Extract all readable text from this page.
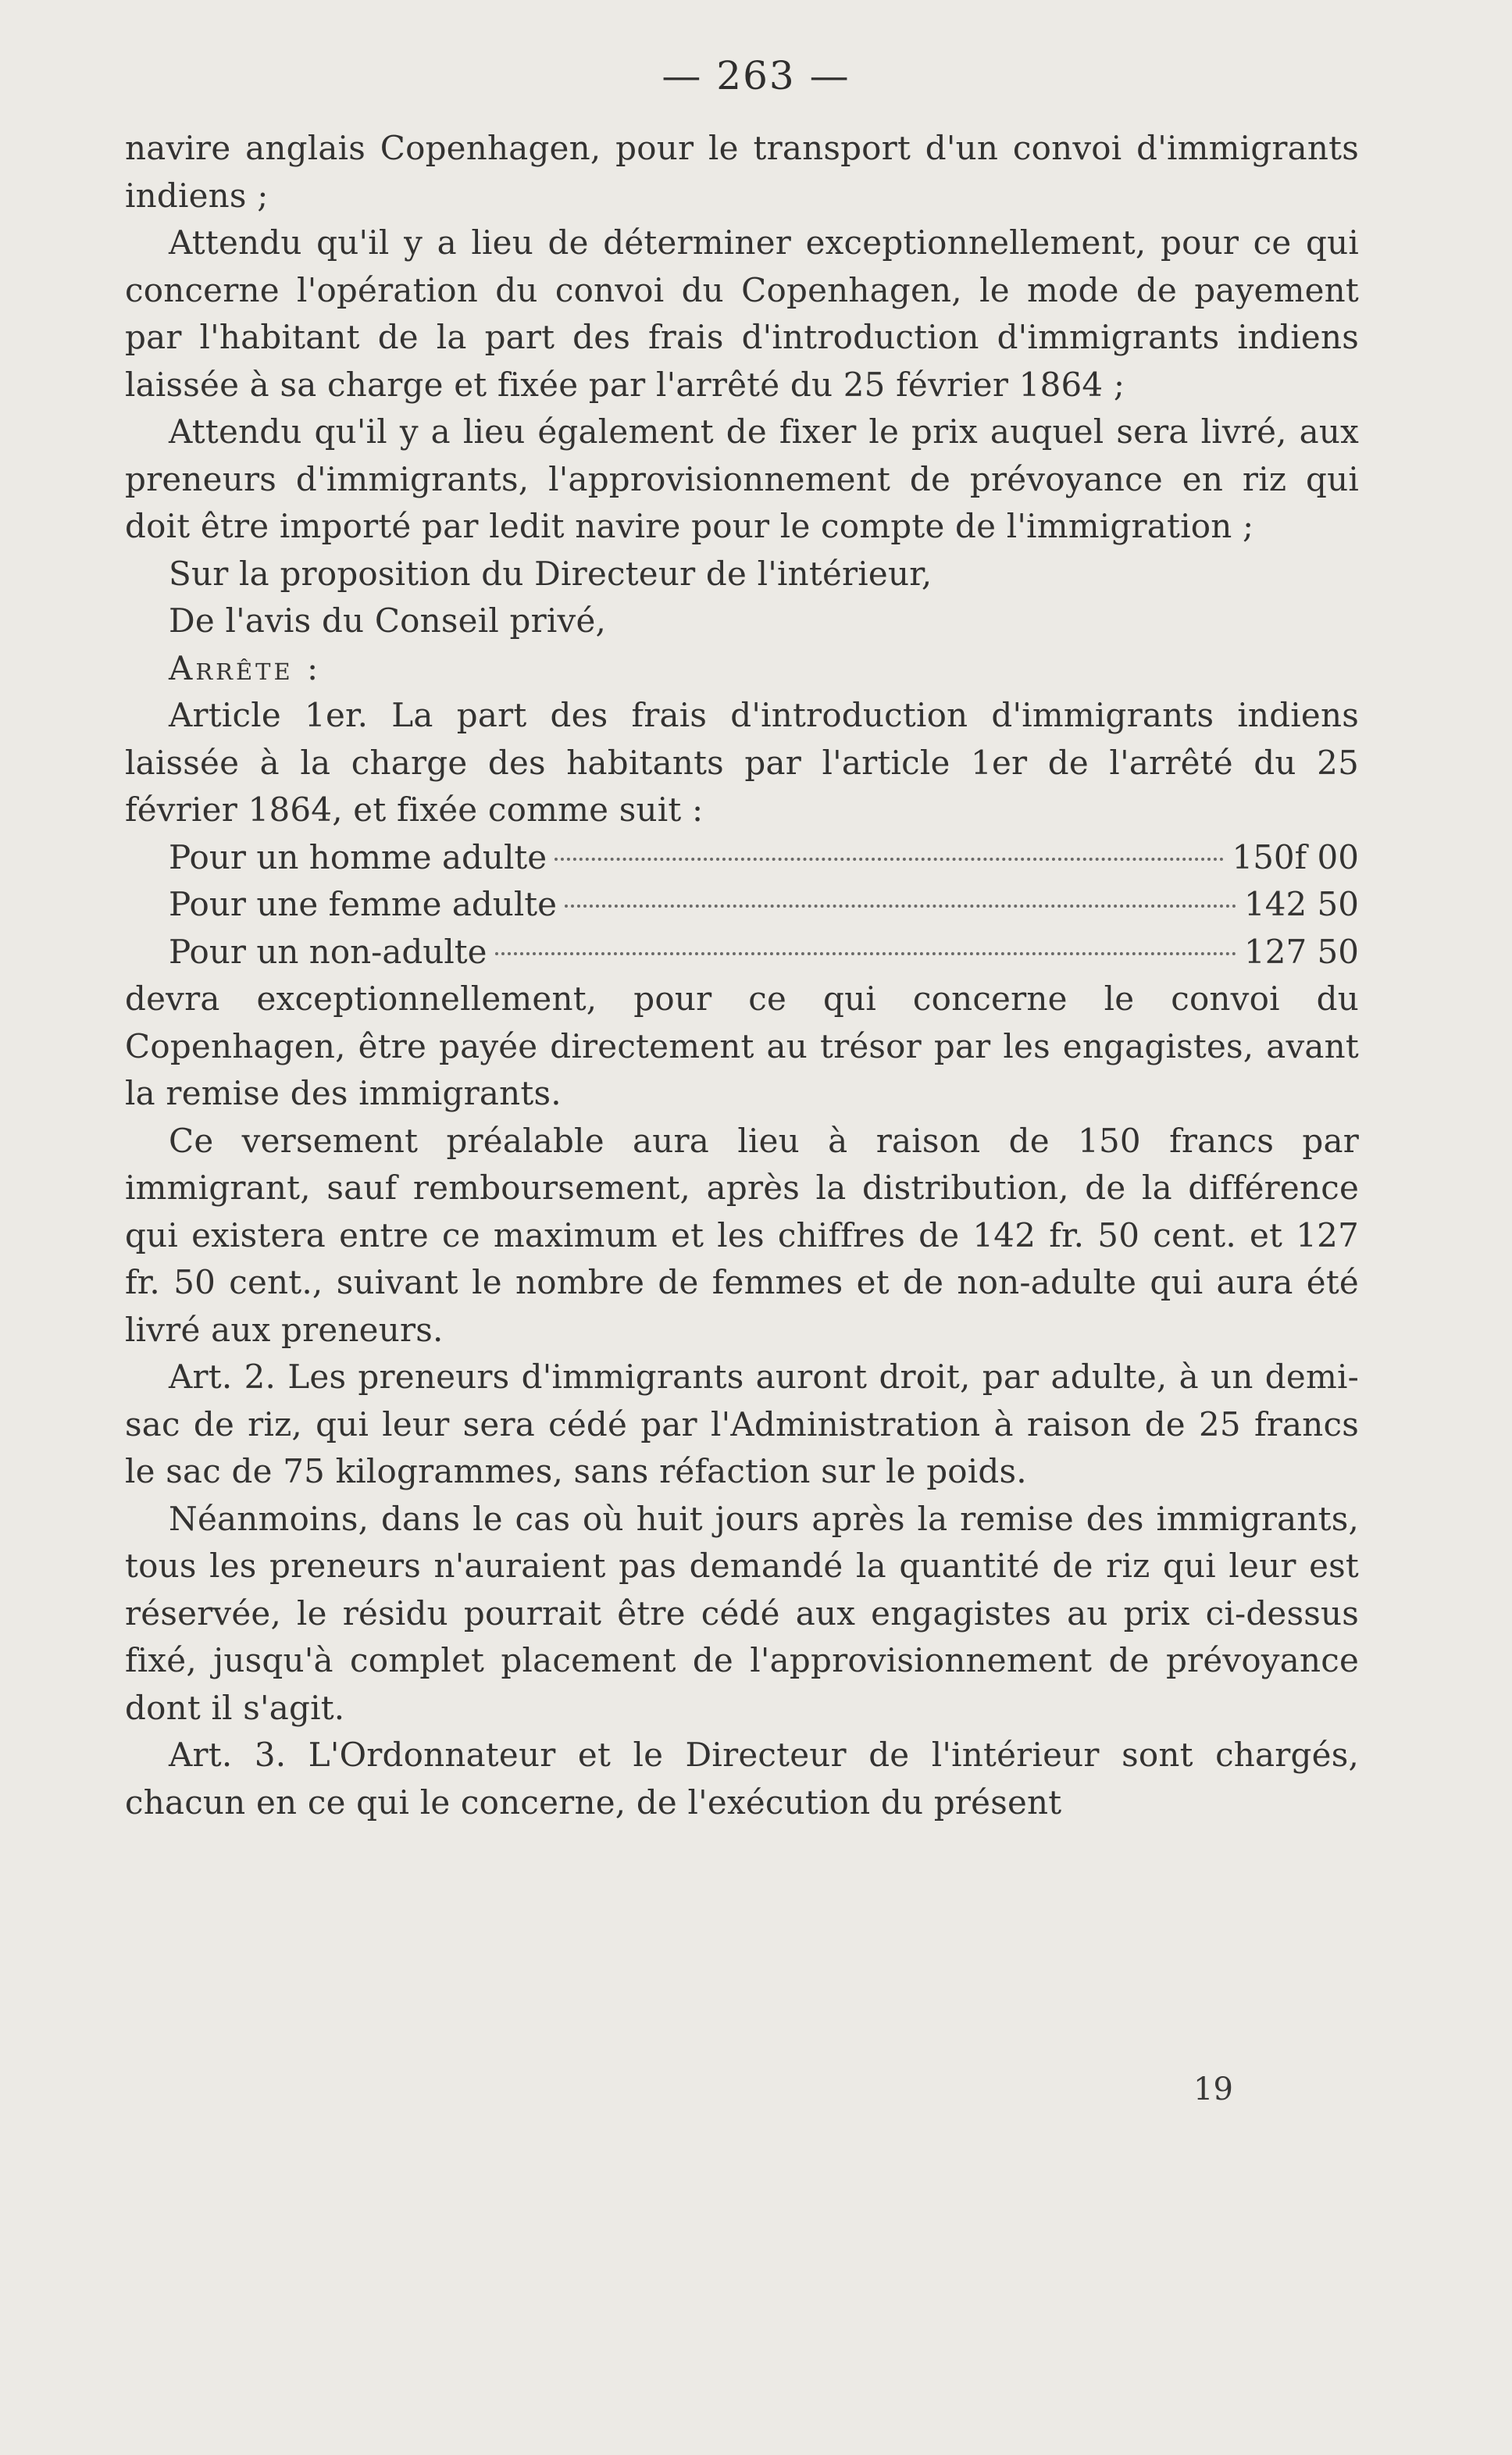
— 263 —

navire anglais Copenhagen, pour le transport d'un convoi d'immigrants indiens ;

Attendu qu'il y a lieu de déterminer exceptionnellement, pour ce qui concerne l'opération du convoi du Copenhagen, le mode de payement par l'habitant de la part des frais d'introduction d'immigrants indiens laissée à sa charge et fixée par l'arrêté du 25 février 1864 ;

Attendu qu'il y a lieu également de fixer le prix auquel sera livré, aux preneurs d'immigrants, l'approvisionnement de prévoyance en riz qui doit être importé par ledit navire pour le compte de l'immigration ;

Sur la proposition du Directeur de l'intérieur,

De l'avis du Conseil privé,

Arrête :

Article 1er. La part des frais d'introduction d'immigrants indiens laissée à la charge des habitants par l'article 1er de l'arrêté du 25 février 1864, et fixée comme suit :

Pour un homme adulte	150f 00
Pour une femme adulte	142 50
Pour un non-adulte	127 50

devra exceptionnellement, pour ce qui concerne le convoi du Copenhagen, être payée directement au trésor par les engagistes, avant la remise des immigrants.

Ce versement préalable aura lieu à raison de 150 francs par immigrant, sauf remboursement, après la distribution, de la différence qui existera entre ce maximum et les chiffres de 142 fr. 50 cent. et 127 fr. 50 cent., suivant le nombre de femmes et de non-adulte qui aura été livré aux preneurs.

Art. 2. Les preneurs d'immigrants auront droit, par adulte, à un demi-sac de riz, qui leur sera cédé par l'Administration à raison de 25 francs le sac de 75 kilogrammes, sans réfaction sur le poids.

Néanmoins, dans le cas où huit jours après la remise des immigrants, tous les preneurs n'auraient pas demandé la quantité de riz qui leur est réservée, le résidu pourrait être cédé aux engagistes au prix ci-dessus fixé, jusqu'à complet placement de l'approvisionnement de prévoyance dont il s'agit.

Art. 3. L'Ordonnateur et le Directeur de l'intérieur sont chargés, chacun en ce qui le concerne, de l'exécution du présent

19
